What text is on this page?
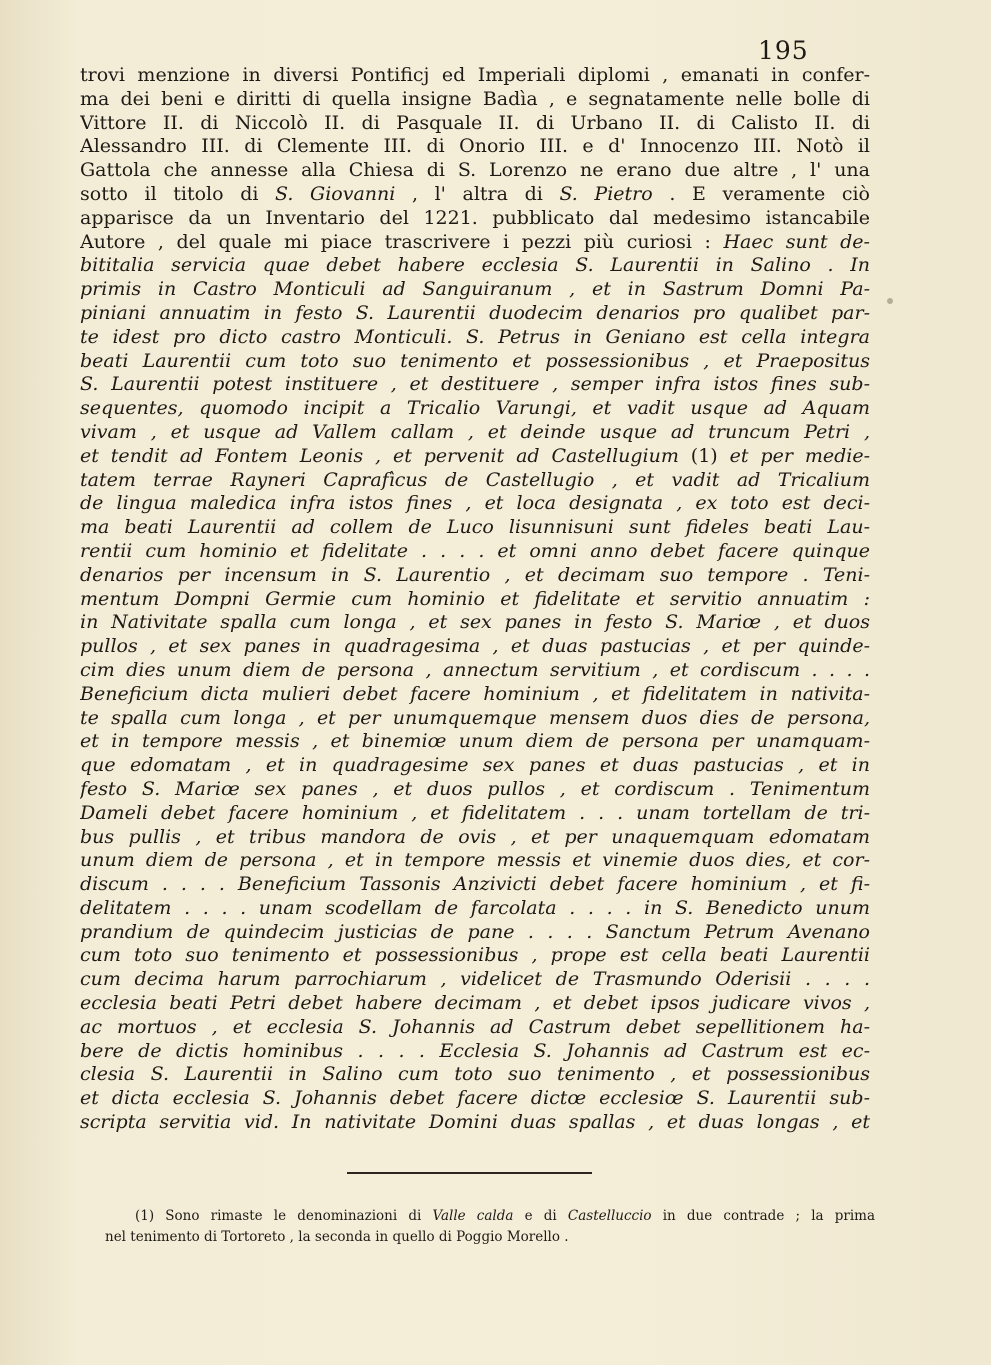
195
trovi menzione in diversi Pontificj ed Imperiali diplomi , emanati in confer-
ma dei beni e diritti di quella insigne Badìa , e segnatamente nelle bolle di
Vittore II. di Niccolò II. di Pasquale II. di Urbano II. di Calisto II. di
Alessandro III. di Clemente III. di Onorio III. e d' Innocenzo III. Notò il
Gattola che annesse alla Chiesa di S. Lorenzo ne erano due altre , l' una
sotto il titolo di S. Giovanni , l' altra di S. Pietro . E veramente ciò
apparisce da un Inventario del 1221. pubblicato dal medesimo istancabile
Autore , del quale mi piace trascrivere i pezzi più curiosi : Haec sunt de-
bititalia servicia quae debet habere ecclesia S. Laurentii in Salino . In
primis in Castro Monticuli ad Sanguiranum , et in Sastrum Domni Pa-
piniani annuatim in festo S. Laurentii duodecim denarios pro qualibet par-
te idest pro dicto castro Monticuli. S. Petrus in Geniano est cella integra
beati Laurentii cum toto suo tenimento et possessionibus , et Praepositus
S. Laurentii potest instituere , et destituere , semper infra istos fines sub-
sequentes, quomodo incipit a Tricalio Varungi, et vadit usque ad Aquam
vivam , et usque ad Vallem callam , et deinde usque ad truncum Petri ,
et tendit ad Fontem Leonis , et pervenit ad Castellugium (1) et per medie-
tatem terrae Rayneri Caprafìcus de Castellugio , et vadit ad Tricalium
de lingua maledica infra istos fines , et loca designata , ex toto est deci-
ma beati Laurentii ad collem de Luco lisunnisuni sunt fideles beati Lau-
rentii cum hominio et fidelitate . . . . et omni anno debet facere quinque
denarios per incensum in S. Laurentio , et decimam suo tempore . Teni-
mentum Dompni Germie cum hominio et fidelitate et servitio annuatim :
in Nativitate spalla cum longa , et sex panes in festo S. Mariœ , et duos
pullos , et sex panes in quadragesima , et duas pastucias , et per quinde-
cim dies unum diem de persona , annectum servitium , et cordiscum . . . .
Beneficium dicta mulieri debet facere hominium , et fidelitatem in nativita-
te spalla cum longa , et per unumquemque mensem duos dies de persona,
et in tempore messis , et binemiœ unum diem de persona per unamquam-
que edomatam , et in quadragesime sex panes et duas pastucias , et in
festo S. Mariœ sex panes , et duos pullos , et cordiscum . Tenimentum
Dameli debet facere hominium , et fidelitatem . . . unam tortellam de tri-
bus pullis , et tribus mandora de ovis , et per unaquemquam edomatam
unum diem de persona , et in tempore messis et vinemie duos dies, et cor-
discum . . . . Beneficium Tassonis Anzivicti debet facere hominium , et fi-
delitatem . . . . unam scodellam de farcolata . . . . in S. Benedicto unum
prandium de quindecim justicias de pane . . . . Sanctum Petrum Avenano
cum toto suo tenimento et possessionibus , prope est cella beati Laurentii
cum decima harum parrochiarum , videlicet de Trasmundo Oderisii . . . .
ecclesia beati Petri debet habere decimam , et debet ipsos judicare vivos ,
ac mortuos , et ecclesia S. Johannis ad Castrum debet sepellitionem ha-
bere de dictis hominibus . . . . Ecclesia S. Johannis ad Castrum est ec-
clesia S. Laurentii in Salino cum toto suo tenimento , et possessionibus
et dicta ecclesia S. Johannis debet facere dictœ ecclesiœ S. Laurentii sub-
scripta servitia vid. In nativitate Domini duas spallas , et duas longas , et
(1) Sono rimaste le denominazioni di Valle calda e di Castelluccio in due contrade ; la prima
nel tenimento di Tortoreto , la seconda in quello di Poggio Morello .
